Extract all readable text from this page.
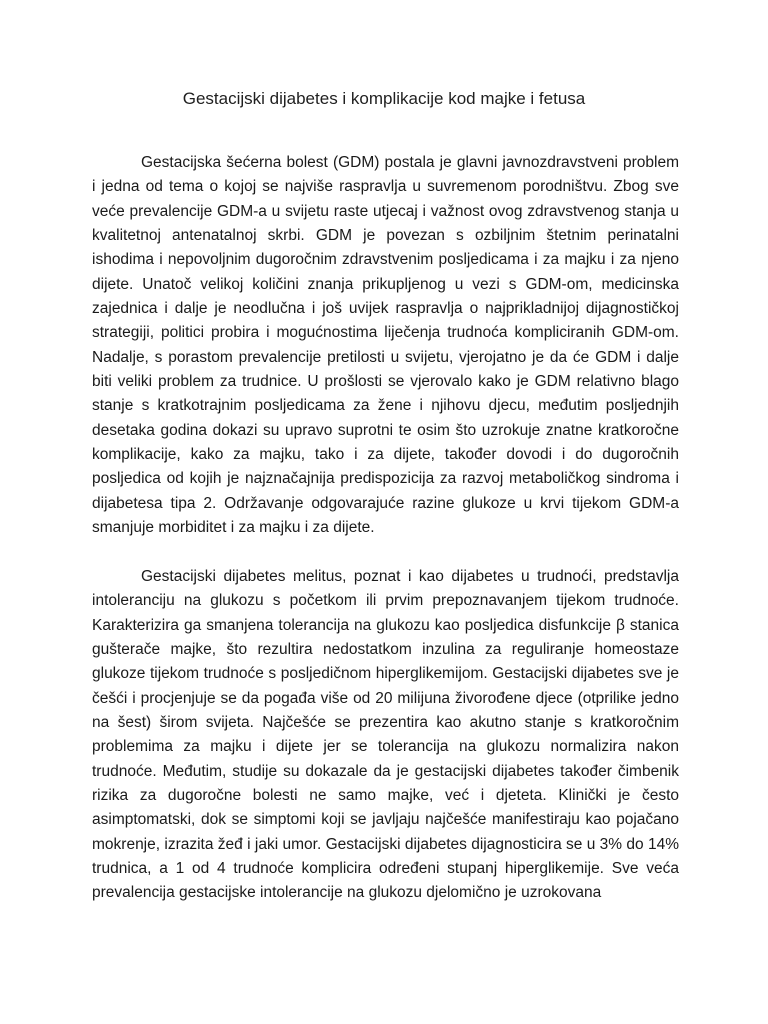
Gestacijski dijabetes i komplikacije kod majke i fetusa

Gestacijska šećerna bolest (GDM) postala je glavni javnozdravstveni problem i jedna od tema o kojoj se najviše raspravlja u suvremenom porodništvu. Zbog sve veće prevalencije GDM-a u svijetu raste utjecaj i važnost ovog zdravstvenog stanja u kvalitetnoj antenatalnoj skrbi. GDM je povezan s ozbiljnim štetnim perinatalni ishodima i nepovoljnim dugoročnim zdravstvenim posljedicama i za majku i za njeno dijete. Unatoč velikoj količini znanja prikupljenog u vezi s GDM-om, medicinska zajednica i dalje je neodlučna i još uvijek raspravlja o najprikladnijoj dijagnostičkoj strategiji, politici probira i mogućnostima liječenja trudnoća kompliciranih GDM-om. Nadalje, s porastom prevalencije pretilosti u svijetu, vjerojatno je da će GDM i dalje biti veliki problem za trudnice. U prošlosti se vjerovalo kako je GDM relativno blago stanje s kratkotrajnim posljedicama za žene i njihovu djecu, međutim posljednjih desetaka godina dokazi su upravo suprotni te osim što uzrokuje znatne kratkoročne komplikacije, kako za majku, tako i za dijete, također dovodi i do dugoročnih posljedica od kojih je najznačajnija predispozicija za razvoj metaboličkog sindroma i dijabetesa tipa 2. Održavanje odgovarajuće razine glukoze u krvi tijekom GDM-a smanjuje morbiditet i za majku i za dijete.

Gestacijski dijabetes melitus, poznat i kao dijabetes u trudnoći, predstavlja intoleranciju na glukozu s početkom ili prvim prepoznavanjem tijekom trudnoće. Karakterizira ga smanjena tolerancija na glukozu kao posljedica disfunkcije β stanica gušterače majke, što rezultira nedostatkom inzulina za reguliranje homeostaze glukoze tijekom trudnoće s posljedičnom hiperglikemijom. Gestacijski dijabetes sve je češći i procjenjuje se da pogađa više od 20 milijuna živorođene djece (otprilike jedno na šest) širom svijeta. Najčešće se prezentira kao akutno stanje s kratkoročnim problemima za majku i dijete jer se tolerancija na glukozu normalizira nakon trudnoće. Međutim, studije su dokazale da je gestacijski dijabetes također čimbenik rizika za dugoročne bolesti ne samo majke, već i djeteta. Klinički je često asimptomatski, dok se simptomi koji se javljaju najčešće manifestiraju kao pojačano mokrenje, izrazita žeđ i jaki umor. Gestacijski dijabetes dijagnosticira se u 3% do 14% trudnica, a 1 od 4 trudnoće komplicira određeni stupanj hiperglikemije. Sve veća prevalencija gestacijske intolerancije na glukozu djelomično je uzrokovana
